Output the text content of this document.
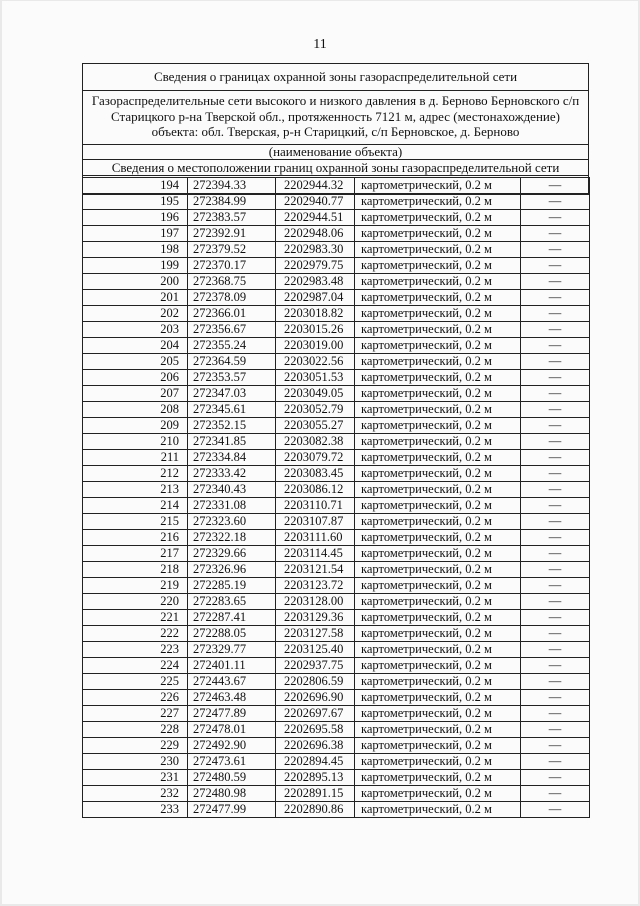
11
Сведения о границах охранной зоны газораспределительной сети
Газораспределительные сети высокого и низкого давления в д. Берново Берновского с/п Старицкого р-на Тверской обл., протяженность 7121 м, адрес (местонахождение) объекта: обл. Тверская, р-н Старицкий, с/п Берновское, д. Берново
(наименование объекта)
Сведения о местоположении границ охранной зоны газораспределительной сети
194	272394.33	2202944.32	картометрический, 0.2 м	—
195	272384.99	2202940.77	картометрический, 0.2 м	—
196	272383.57	2202944.51	картометрический, 0.2 м	—
197	272392.91	2202948.06	картометрический, 0.2 м	—
198	272379.52	2202983.30	картометрический, 0.2 м	—
199	272370.17	2202979.75	картометрический, 0.2 м	—
200	272368.75	2202983.48	картометрический, 0.2 м	—
201	272378.09	2202987.04	картометрический, 0.2 м	—
202	272366.01	2203018.82	картометрический, 0.2 м	—
203	272356.67	2203015.26	картометрический, 0.2 м	—
204	272355.24	2203019.00	картометрический, 0.2 м	—
205	272364.59	2203022.56	картометрический, 0.2 м	—
206	272353.57	2203051.53	картометрический, 0.2 м	—
207	272347.03	2203049.05	картометрический, 0.2 м	—
208	272345.61	2203052.79	картометрический, 0.2 м	—
209	272352.15	2203055.27	картометрический, 0.2 м	—
210	272341.85	2203082.38	картометрический, 0.2 м	—
211	272334.84	2203079.72	картометрический, 0.2 м	—
212	272333.42	2203083.45	картометрический, 0.2 м	—
213	272340.43	2203086.12	картометрический, 0.2 м	—
214	272331.08	2203110.71	картометрический, 0.2 м	—
215	272323.60	2203107.87	картометрический, 0.2 м	—
216	272322.18	2203111.60	картометрический, 0.2 м	—
217	272329.66	2203114.45	картометрический, 0.2 м	—
218	272326.96	2203121.54	картометрический, 0.2 м	—
219	272285.19	2203123.72	картометрический, 0.2 м	—
220	272283.65	2203128.00	картометрический, 0.2 м	—
221	272287.41	2203129.36	картометрический, 0.2 м	—
222	272288.05	2203127.58	картометрический, 0.2 м	—
223	272329.77	2203125.40	картометрический, 0.2 м	—
224	272401.11	2202937.75	картометрический, 0.2 м	—
225	272443.67	2202806.59	картометрический, 0.2 м	—
226	272463.48	2202696.90	картометрический, 0.2 м	—
227	272477.89	2202697.67	картометрический, 0.2 м	—
228	272478.01	2202695.58	картометрический, 0.2 м	—
229	272492.90	2202696.38	картометрический, 0.2 м	—
230	272473.61	2202894.45	картометрический, 0.2 м	—
231	272480.59	2202895.13	картометрический, 0.2 м	—
232	272480.98	2202891.15	картометрический, 0.2 м	—
233	272477.99	2202890.86	картометрический, 0.2 м	—
